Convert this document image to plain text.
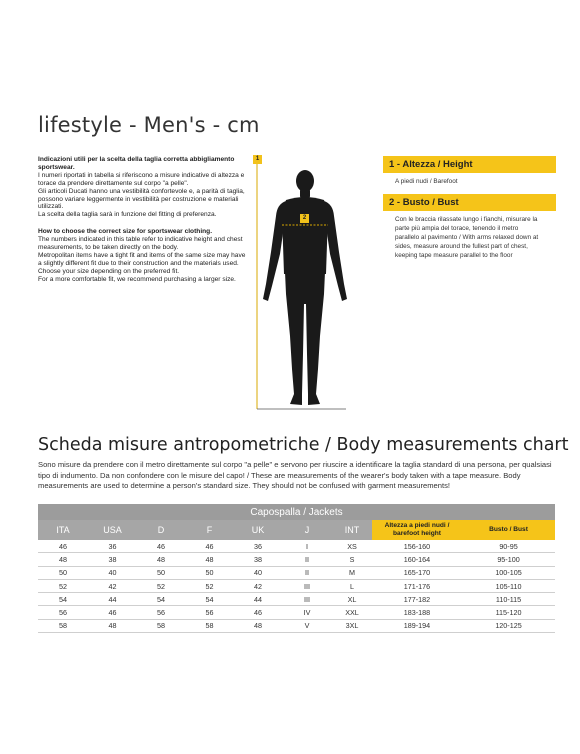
lifestyle - Men's - cm

Indicazioni utili per la scelta della taglia corretta abbigliamento sportswear.

I numeri riportati in tabella si riferiscono a misure indicative di altezza e torace da prendere direttamente sul corpo "a pelle".

Gli articoli Ducati hanno una vestibilità confortevole e, a parità di taglia, possono variare leggermente in vestibilità per costruzione e materiali utilizzati.

La scelta della taglia sarà in funzione del fitting di preferenza.

How to choose the correct size for sportswear clothing.

The numbers indicated in this table refer to indicative height and chest measurements, to be taken directly on the body.

Metropolitan items have a tight fit and items of the same size may have a slightly different fit due to their construction and the materials used.

Choose your size depending on the preferred fit.

For a more comfortable fit, we recommend purchasing a larger size.

1
2
1 - Altezza / Height
A piedi nudi / Barefoot
2 - Busto / Bust
Con le braccia rilassate lungo i fianchi, misurare la parte più ampia del torace, tenendo il metro parallelo al pavimento / With arms relaxed down at sides, measure around the fullest part of chest, keeping tape measure parallel to the floor
Scheda misure antropometriche / Body measurements chart
Sono misure da prendere con il metro direttamente sul corpo "a pelle" e servono per riuscire a identificare la taglia standard di una persona, per qualsiasi tipo di indumento. Da non confondere con le misure del capo! / These are measurements of the wearer's body taken with a tape measure. Body measurements are used to determine a person's standard size. They should not be confused with garment measurements!
Capospalla / Jackets								
ITA	USA	D	F	UK	J	INT	Altezza a piedi nudi / barefoot height	Busto / Bust
46	36	46	46	36	I	XS	156-160	90-95
48	38	48	48	38	II	S	160-164	95-100
50	40	50	50	40	II	M	165-170	100-105
52	42	52	52	42	III	L	171-176	105-110
54	44	54	54	44	III	XL	177-182	110-115
56	46	56	56	46	IV	XXL	183-188	115-120
58	48	58	58	48	V	3XL	189-194	120-125
